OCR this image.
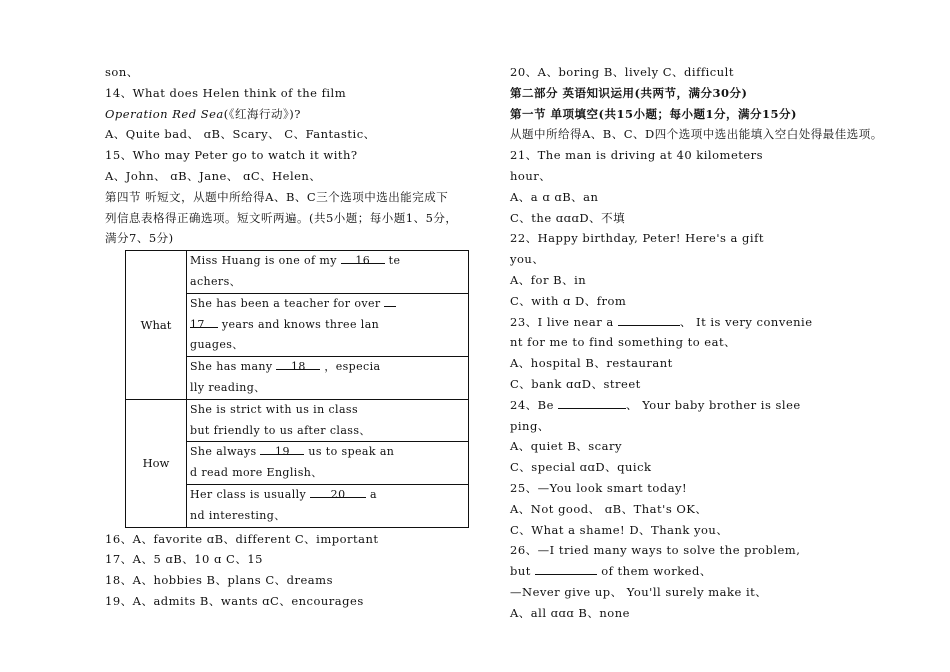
son、
14、What does Helen think of the film
Operation Red Sea(《红海行动》)?
A、Quite bad、 ɑB、Scary、 C、Fantastic、
15、Who may Peter go to watch it with?
A、John、 ɑB、Jane、 ɑC、Helen、
第四节 听短文，从题中所给得A、B、C三个选项中选出能完成下
列信息表格得正确选项。短文听两遍。(共5小题；每小题1、5分，
满分7、5分)
What	Miss Huang is one of my 16 te
achers、

	She has been a teacher for over
17 years and knows three lan
guages、

	She has many 18 ，especia
lly reading、

How	She is strict with us in class
but friendly to us after class、

	She always 19 us to speak an
d read more English、

	Her class is usually 20 a
nd interesting、
16、A、favorite ɑB、different C、important
17、A、5 ɑB、10 ɑ C、15
18、A、hobbies B、plans C、dreams
19、A、admits B、wants ɑC、encourages
20、A、boring B、lively C、difficult
第二部分 英语知识运用(共两节，满分30分)
第一节 单项填空(共15小题；每小题1分，满分15分)
从题中所给得A、B、C、D四个选项中选出能填入空白处得最佳选项。
21、The man is driving at 40 kilometers
hour、
A、a ɑ ɑB、an
C、the ɑɑɑD、不填
22、Happy birthday, Peter! Here's a gift
you、
A、for B、in
C、with ɑ D、from
23、I live near a	、 It is very convenie
nt for me to find something to eat、
A、hospital B、restaurant
C、bank ɑɑD、street
24、Be	、 Your baby brother is slee
ping、
A、quiet B、scary
C、special ɑɑD、quick
25、—You look smart today!
A、Not good、 ɑB、That's OK、
C、What a shame! D、Thank you、
26、—I tried many ways to solve the problem,
but	of them worked、
—Never give up、 You'll surely make it、
A、all ɑɑɑ B、none
